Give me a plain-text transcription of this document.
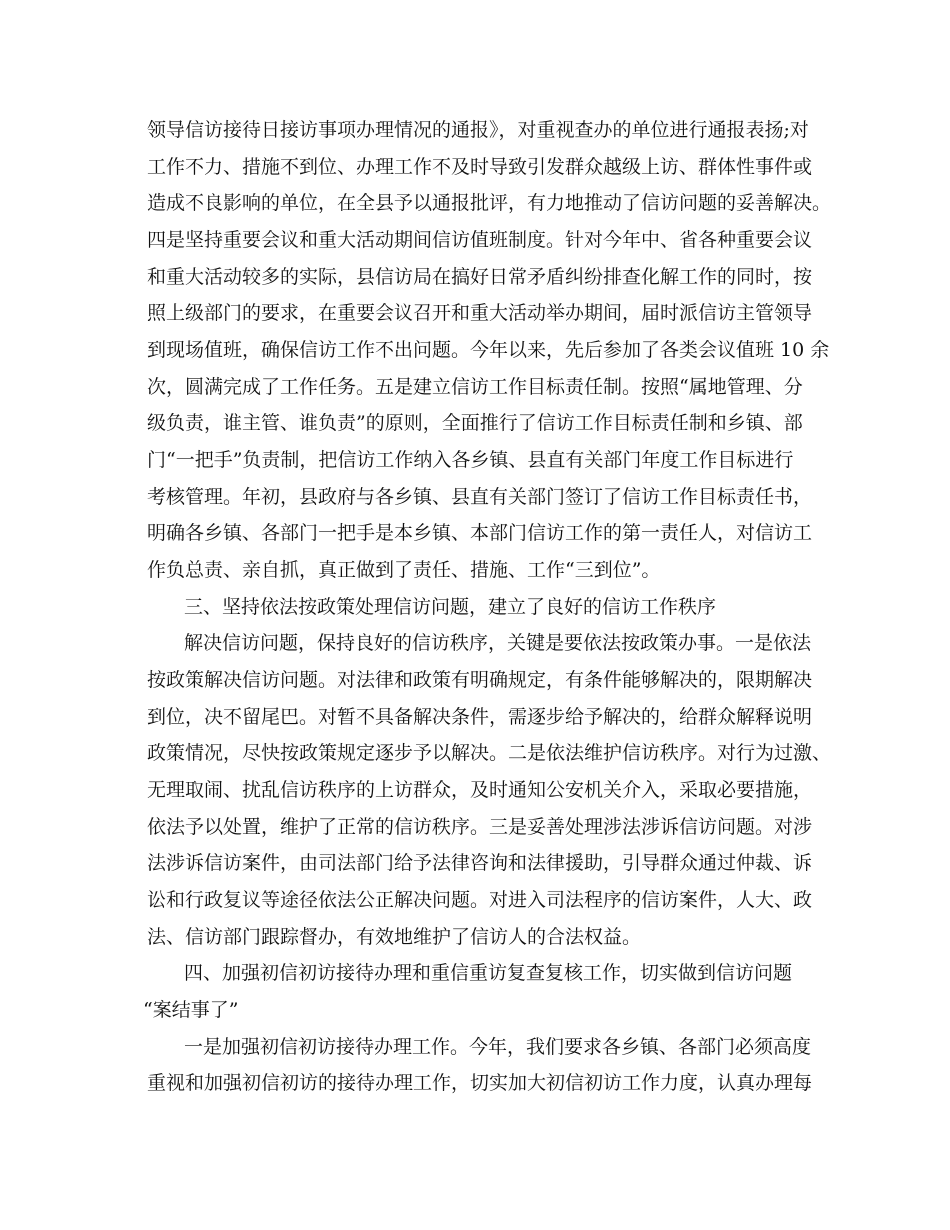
领导信访接待日接访事项办理情况的通报》，对重视查办的单位进行通报表扬;对
工作不力、措施不到位、办理工作不及时导致引发群众越级上访、群体性事件或
造成不良影响的单位，在全县予以通报批评，有力地推动了信访问题的妥善解决。
四是坚持重要会议和重大活动期间信访值班制度。针对今年中、省各种重要会议
和重大活动较多的实际，县信访局在搞好日常矛盾纠纷排查化解工作的同时，按
照上级部门的要求，在重要会议召开和重大活动举办期间，届时派信访主管领导
到现场值班，确保信访工作不出问题。今年以来，先后参加了各类会议值班 10 余
次，圆满完成了工作任务。五是建立信访工作目标责任制。按照“属地管理、分
级负责，谁主管、谁负责”的原则，全面推行了信访工作目标责任制和乡镇、部
门“一把手”负责制，把信访工作纳入各乡镇、县直有关部门年度工作目标进行
考核管理。年初，县政府与各乡镇、县直有关部门签订了信访工作目标责任书，
明确各乡镇、各部门一把手是本乡镇、本部门信访工作的第一责任人，对信访工
作负总责、亲自抓，真正做到了责任、措施、工作“三到位”。
三、坚持依法按政策处理信访问题，建立了良好的信访工作秩序
解决信访问题，保持良好的信访秩序，关键是要依法按政策办事。一是依法
按政策解决信访问题。对法律和政策有明确规定，有条件能够解决的，限期解决
到位，决不留尾巴。对暂不具备解决条件，需逐步给予解决的，给群众解释说明
政策情况，尽快按政策规定逐步予以解决。二是依法维护信访秩序。对行为过激、
无理取闹、扰乱信访秩序的上访群众，及时通知公安机关介入，采取必要措施，
依法予以处置，维护了正常的信访秩序。三是妥善处理涉法涉诉信访问题。对涉
法涉诉信访案件，由司法部门给予法律咨询和法律援助，引导群众通过仲裁、诉
讼和行政复议等途径依法公正解决问题。对进入司法程序的信访案件，人大、政
法、信访部门跟踪督办，有效地维护了信访人的合法权益。
四、加强初信初访接待办理和重信重访复查复核工作，切实做到信访问题
“案结事了”
一是加强初信初访接待办理工作。今年，我们要求各乡镇、各部门必须高度
重视和加强初信初访的接待办理工作，切实加大初信初访工作力度，认真办理每
